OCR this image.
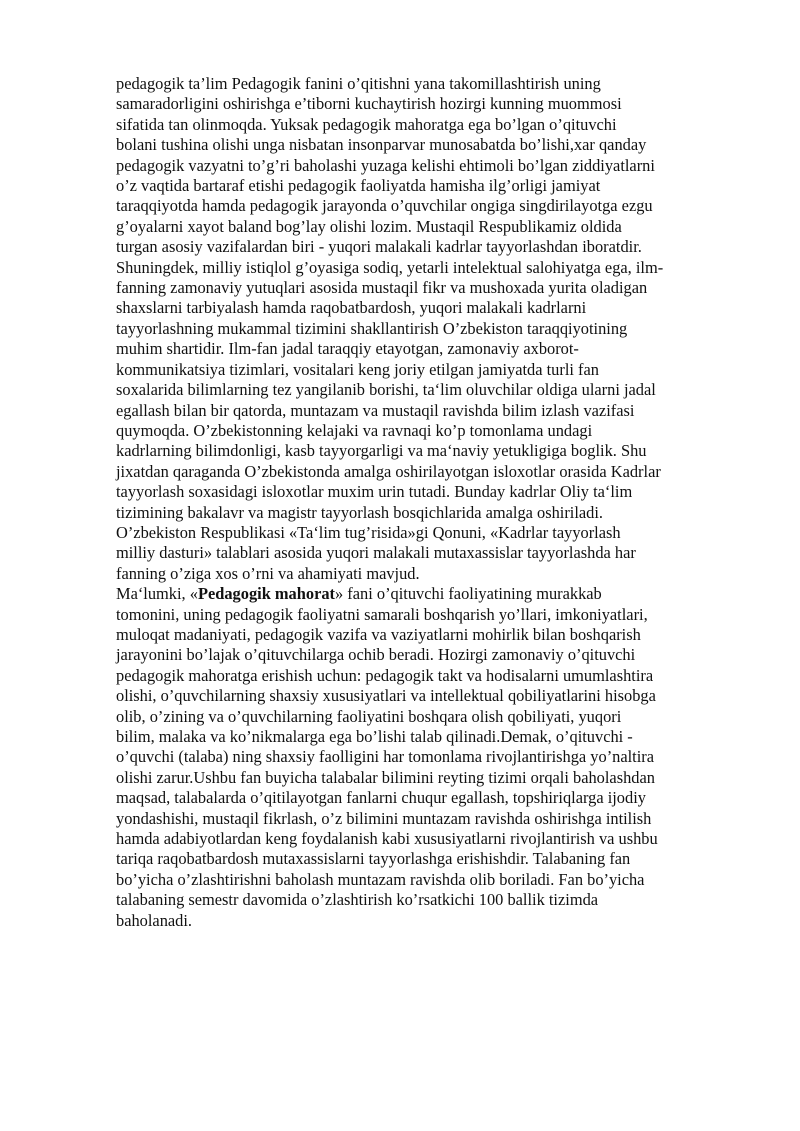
pedagogik ta’lim Pedagogik fanini o’qitishni yana takomillashtirish uning
samaradorligini oshirishga e’tiborni kuchaytirish hozirgi kunning muommosi
sifatida tan olinmoqda. Yuksak pedagogik mahoratga ega bo’lgan o’qituvchi
bolani tushina olishi unga nisbatan insonparvar munosabatda bo’lishi,xar qanday
pedagogik vazyatni to’g’ri baholashi yuzaga kelishi ehtimoli bo’lgan ziddiyatlarni
o’z vaqtida bartaraf etishi pedagogik faoliyatda hamisha ilg’orligi jamiyat
taraqqiyotda hamda pedagogik jarayonda o’quvchilar ongiga singdirilayotga ezgu
g’oyalarni xayot baland bog’lay olishi lozim. Mustaqil Respublikamiz oldida
turgan asosiy vazifalardan biri - yuqori malakali kadrlar tayyorlashdan iboratdir.
Shuningdek, milliy istiqlol g’oyasiga sodiq, yetarli intelektual salohiyatga ega, ilm-
fanning zamonaviy yutuqlari asosida mustaqil fikr va mushoxada yurita oladigan
shaxslarni tarbiyalash hamda raqobatbardosh, yuqori malakali kadrlarni
tayyorlashning mukammal tizimini shakllantirish O’zbekiston taraqqiyotining
muhim shartidir. Ilm-fan jadal taraqqiy etayotgan, zamonaviy axborot-
kommunikatsiya tizimlari, vositalari keng joriy etilgan jamiyatda turli fan
soxalarida bilimlarning tez yangilanib borishi, ta‘lim oluvchilar oldiga ularni jadal
egallash bilan bir qatorda, muntazam va mustaqil ravishda bilim izlash vazifasi
quymoqda. O’zbekistonning kelajaki va ravnaqi ko’p tomonlama undagi
kadrlarning bilimdonligi, kasb tayyorgarligi va ma‘naviy yetukligiga boglik. Shu
jixatdan qaraganda O’zbekistonda amalga oshirilayotgan isloxotlar orasida Kadrlar
tayyorlash soxasidagi isloxotlar muxim urin tutadi. Bunday kadrlar Oliy ta‘lim
tizimining bakalavr va magistr tayyorlash bosqichlarida amalga oshiriladi.
O’zbekiston Respublikasi «Ta‘lim tug’risida»gi Qonuni, «Kadrlar tayyorlash
milliy dasturi» talablari asosida yuqori malakali mutaxassislar tayyorlashda har
fanning o’ziga xos o’rni va ahamiyati mavjud.

Ma‘lumki, «Pedagogik mahorat» fani o’qituvchi faoliyatining murakkab
tomonini, uning pedagogik faoliyatni samarali boshqarish yo’llari, imkoniyatlari,
muloqat madaniyati, pedagogik vazifa va vaziyatlarni mohirlik bilan boshqarish
jarayonini bo’lajak o’qituvchilarga ochib beradi. Hozirgi zamonaviy o’qituvchi
pedagogik mahoratga erishish uchun: pedagogik takt va hodisalarni umumlashtira
olishi, o’quvchilarning shaxsiy xususiyatlari va intellektual qobiliyatlarini hisobga
olib, o’zining va o’quvchilarning faoliyatini boshqara olish qobiliyati, yuqori
bilim, malaka va ko’nikmalarga ega bo’lishi talab qilinadi.Demak, o’qituvchi -
o’quvchi (talaba) ning shaxsiy faolligini har tomonlama rivojlantirishga yo’naltira
olishi zarur.Ushbu fan buyicha talabalar bilimini reyting tizimi orqali baholashdan
maqsad, talabalarda o’qitilayotgan fanlarni chuqur egallash, topshiriqlarga ijodiy
yondashishi, mustaqil fikrlash, o’z bilimini muntazam ravishda oshirishga intilish
hamda adabiyotlardan keng foydalanish kabi xususiyatlarni rivojlantirish va ushbu
tariqa raqobatbardosh mutaxassislarni tayyorlashga erishishdir. Talabaning fan
bo’yicha o’zlashtirishni baholash muntazam ravishda olib boriladi. Fan bo’yicha
talabaning semestr davomida o’zlashtirish ko’rsatkichi 100 ballik tizimda
baholanadi.
